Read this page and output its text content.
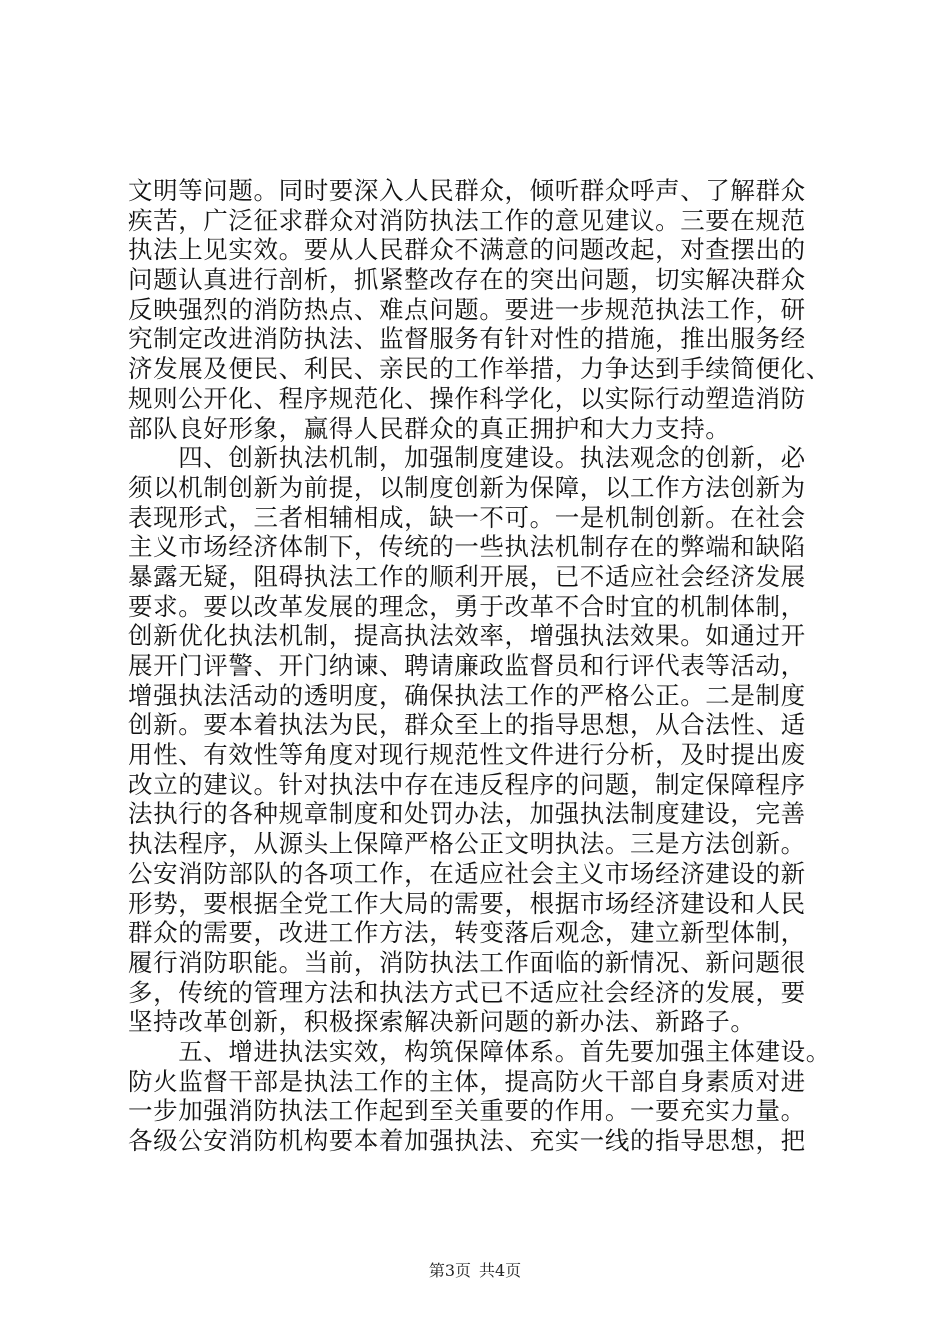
文明等问题。同时要深入人民群众，倾听群众呼声、了解群众
疾苦，广泛征求群众对消防执法工作的意见建议。三要在规范
执法上见实效。要从人民群众不满意的问题改起，对查摆出的
问题认真进行剖析，抓紧整改存在的突出问题，切实解决群众
反映强烈的消防热点、难点问题。要进一步规范执法工作，研
究制定改进消防执法、监督服务有针对性的措施，推出服务经
济发展及便民、利民、亲民的工作举措，力争达到手续简便化、
规则公开化、程序规范化、操作科学化，以实际行动塑造消防
部队良好形象，赢得人民群众的真正拥护和大力支持。
　　四、创新执法机制，加强制度建设。执法观念的创新，必
须以机制创新为前提，以制度创新为保障，以工作方法创新为
表现形式，三者相辅相成，缺一不可。一是机制创新。在社会
主义市场经济体制下，传统的一些执法机制存在的弊端和缺陷
暴露无疑，阻碍执法工作的顺利开展，已不适应社会经济发展
要求。要以改革发展的理念，勇于改革不合时宜的机制体制，
创新优化执法机制，提高执法效率，增强执法效果。如通过开
展开门评警、开门纳谏、聘请廉政监督员和行评代表等活动，
增强执法活动的透明度，确保执法工作的严格公正。二是制度
创新。要本着执法为民，群众至上的指导思想，从合法性、适
用性、有效性等角度对现行规范性文件进行分析，及时提出废
改立的建议。针对执法中存在违反程序的问题，制定保障程序
法执行的各种规章制度和处罚办法，加强执法制度建设，完善
执法程序，从源头上保障严格公正文明执法。三是方法创新。
公安消防部队的各项工作，在适应社会主义市场经济建设的新
形势，要根据全党工作大局的需要，根据市场经济建设和人民
群众的需要，改进工作方法，转变落后观念，建立新型体制，
履行消防职能。当前，消防执法工作面临的新情况、新问题很
多，传统的管理方法和执法方式已不适应社会经济的发展，要
坚持改革创新，积极探索解决新问题的新办法、新路子。
　　五、增进执法实效，构筑保障体系。首先要加强主体建设。
防火监督干部是执法工作的主体，提高防火干部自身素质对进
一步加强消防执法工作起到至关重要的作用。一要充实力量。
各级公安消防机构要本着加强执法、充实一线的指导思想，把
第3页 共4页
